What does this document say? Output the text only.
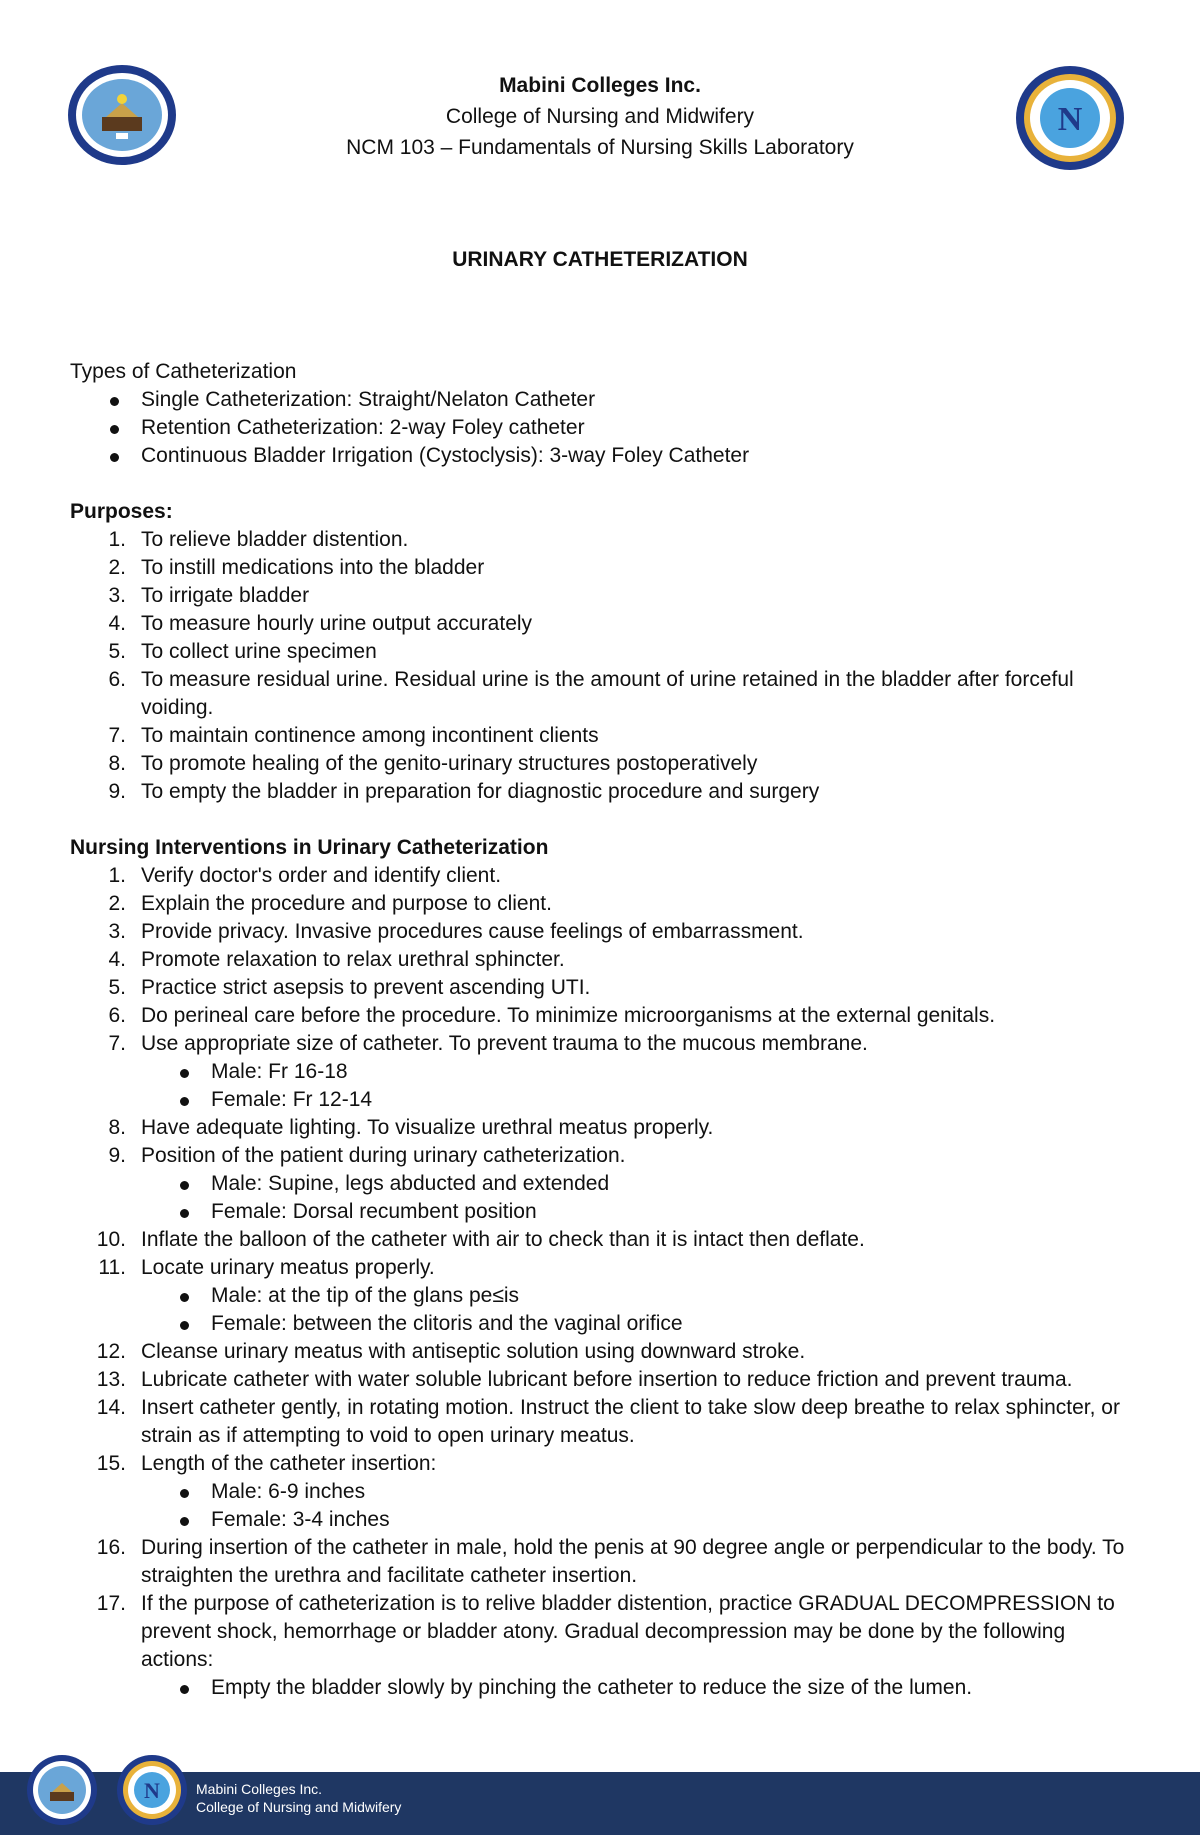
N
Mabini Colleges Inc.
College of Nursing and Midwifery
NCM 103 – Fundamentals of Nursing Skills Laboratory
URINARY CATHETERIZATION
Types of Catheterization
Single Catheterization: Straight/Nelaton Catheter
Retention Catheterization: 2-way Foley catheter
Continuous Bladder Irrigation (Cystoclysis): 3-way Foley Catheter
Purposes:
1. To relieve bladder distention.
2. To instill medications into the bladder
3. To irrigate bladder
4. To measure hourly urine output accurately
5. To collect urine specimen
6. To measure residual urine. Residual urine is the amount of urine retained in the bladder after forceful voiding.
7. To maintain continence among incontinent clients
8. To promote healing of the genito-urinary structures postoperatively
9. To empty the bladder in preparation for diagnostic procedure and surgery
Nursing Interventions in Urinary Catheterization
1. Verify doctor's order and identify client.
2. Explain the procedure and purpose to client.
3. Provide privacy. Invasive procedures cause feelings of embarrassment.
4. Promote relaxation to relax urethral sphincter.
5. Practice strict asepsis to prevent ascending UTI.
6. Do perineal care before the procedure. To minimize microorganisms at the external genitals.
7. Use appropriate size of catheter. To prevent trauma to the mucous membrane.
Male: Fr 16-18
Female: Fr 12-14
8. Have adequate lighting. To visualize urethral meatus properly.
9. Position of the patient during urinary catheterization.
Male: Supine, legs abducted and extended
Female: Dorsal recumbent position
10. Inflate the balloon of the catheter with air to check than it is intact then deflate.
11. Locate urinary meatus properly.
Male: at the tip of the glans pe≤is
Female: between the clitoris and the vaginal orifice
12. Cleanse urinary meatus with antiseptic solution using downward stroke.
13. Lubricate catheter with water soluble lubricant before insertion to reduce friction and prevent trauma.
14. Insert catheter gently, in rotating motion. Instruct the client to take slow deep breathe to relax sphincter, or strain as if attempting to void to open urinary meatus.
15. Length of the catheter insertion:
Male: 6-9 inches
Female: 3-4 inches
16. During insertion of the catheter in male, hold the penis at 90 degree angle or perpendicular to the body. To straighten the urethra and facilitate catheter insertion.
17. If the purpose of catheterization is to relive bladder distention, practice GRADUAL DECOMPRESSION to prevent shock, hemorrhage or bladder atony. Gradual decompression may be done by the following actions:
Empty the bladder slowly by pinching the catheter to reduce the size of the lumen.
N	Mabini Colleges Inc.
College of Nursing and Midwifery
